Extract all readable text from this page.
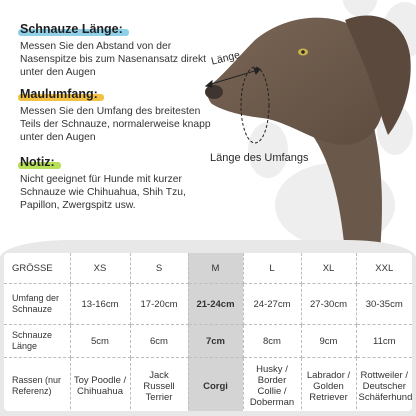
Schnauze Länge:
Messen Sie den Abstand von der Nasenspitze bis zum Nasenansatz direkt unter den Augen
Maulumfang:
Messen Sie den Umfang des breitesten Teils der Schnauze, normalerweise knapp unter den Augen
Notiz:
Nicht geeignet für Hunde mit kurzer Schnauze wie Chihuahua, Shih Tzu, Papillon, Zwergspitz usw.
Länge
Länge des Umfangs
GRÖSSE	XS	S	M	L	XL	XXL
Umfang der Schnauze	13-16cm	17-20cm	21-24cm	24-27cm	27-30cm	30-35cm
Schnauze Länge	5cm	6cm	7cm	8cm	9cm	11cm
Rassen (nur Referenz)	Toy Poodle / Chihuahua	Jack Russell Terrier	Corgi	Husky / Border Collie / Doberman	Labrador / Golden Retriever	Rottweiler / Deutscher Schäferhund
